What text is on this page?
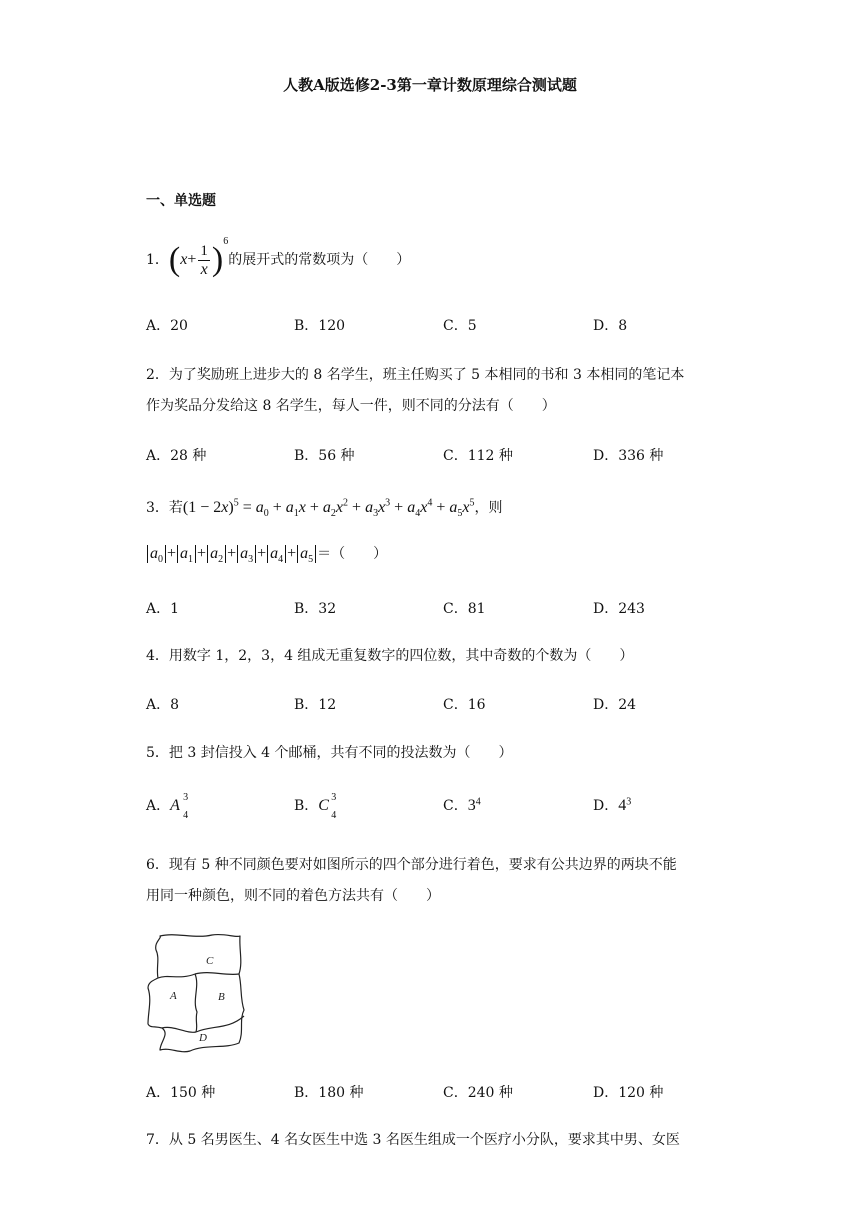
人教A版选修2-3第一章计数原理综合测试题
一、单选题
1．$(x+ \frac{1}{x} )^6$的展开式的常数项为（　　）
A．20	B．120	C．5	D．8
2．为了奖励班上进步大的 8 名学生，班主任购买了 5 本相同的书和 3 本相同的笔记本
作为奖品分发给这 8 名学生，每人一件，则不同的分法有（　　）
A．28 种	B．56 种	C．112 种	D．336 种
3．若$(1 - 2x)^5 = a_0 + a_1x + a_2x^2 + a_3x^3 + a_4x^4 + a_5x^5$，则
$a_0 + a_1 + a_2 + a_3 + a_4 + a_5$ ＝（　　）
A．1	B．32	C．81	D．243
4．用数字 1，2，3，4 组成无重复数字的四位数，其中奇数的个数为（　　）
A．8	B．12	C．16	D．24
5．把 3 封信投入 4 个邮桶，共有不同的投法数为（　　）
A．A 3
4
B．C 3
4
C．$3^4$	D．$4^3$
6．现有 5 种不同颜色要对如图所示的四个部分进行着色，要求有公共边界的两块不能
用同一种颜色，则不同的着色方法共有（　　）
C
A	B
D
A．150 种	B．180 种	C．240 种	D．120 种
7．从 5 名男医生、4 名女医生中选 3 名医生组成一个医疗小分队，要求其中男、女医
